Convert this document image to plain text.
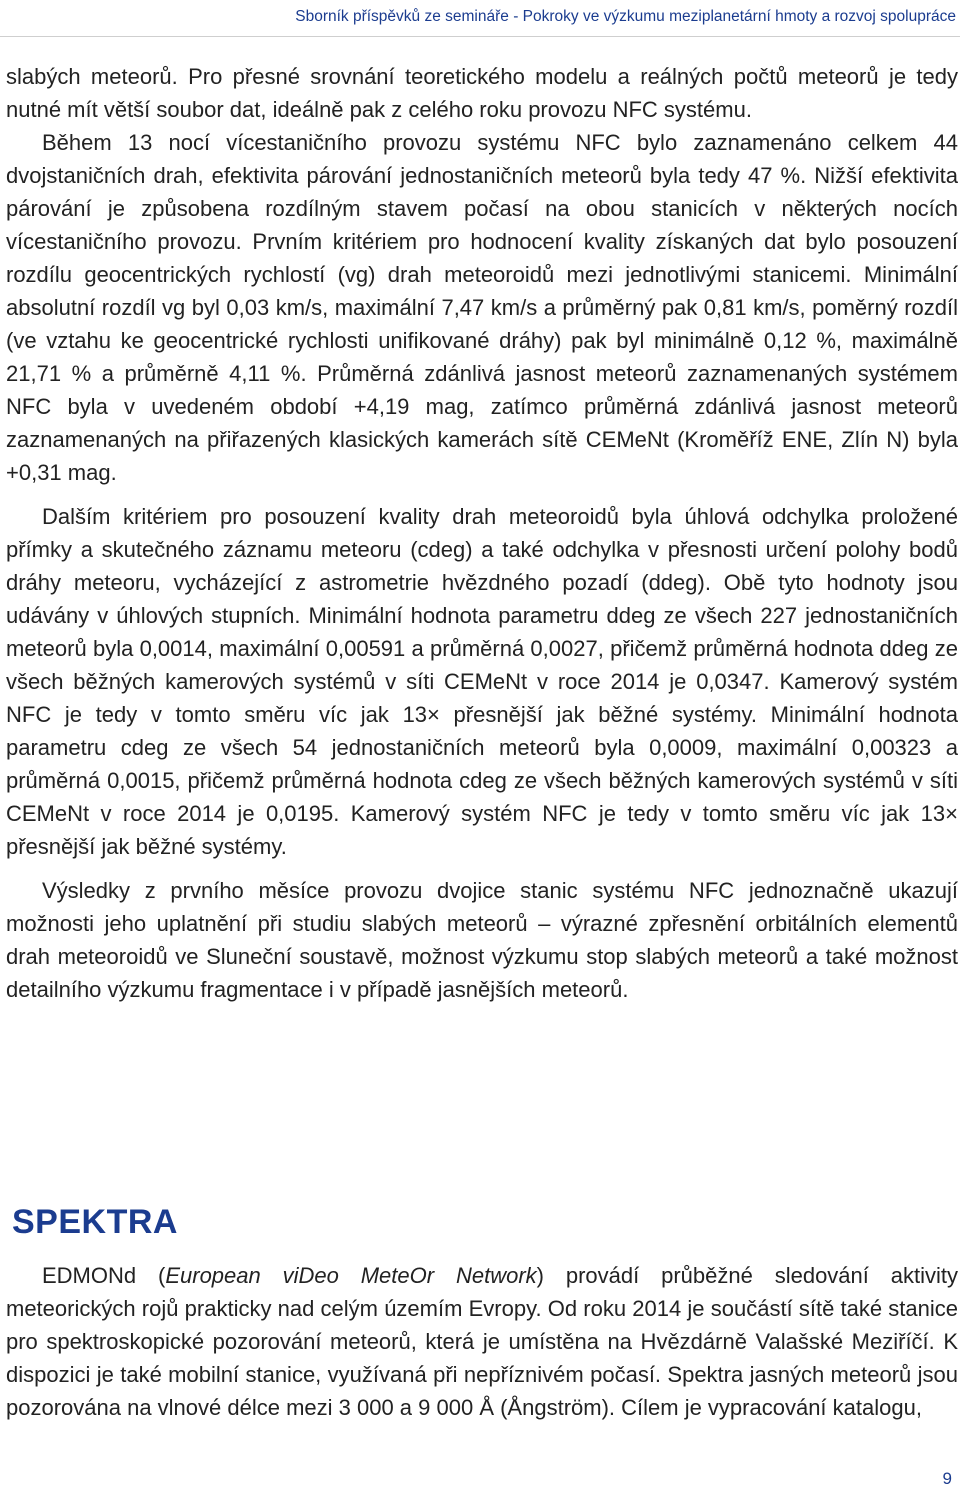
Sborník příspěvků ze semináře - Pokroky ve výzkumu meziplanetární hmoty a rozvoj spolupráce

slabých meteorů. Pro přesné srovnání teoretického modelu a reálných počtů meteorů je tedy nutné mít větší soubor dat, ideálně pak z celého roku provozu NFC systému.

Během 13 nocí vícestaničního provozu systému NFC bylo zaznamenáno celkem 44 dvojstaničních drah, efektivita párování jednostaničních meteorů byla tedy 47 %. Nižší efektivita párování je způsobena rozdílným stavem počasí na obou stanicích v některých nocích vícestaničního provozu. Prvním kritériem pro hodnocení kvality získaných dat bylo posouzení rozdílu geocentrických rychlostí (vg) drah meteoroidů mezi jednotlivými stanicemi. Minimální absolutní rozdíl vg byl 0,03 km/s, maximální 7,47 km/s a průměrný pak 0,81 km/s, poměrný rozdíl (ve vztahu ke geocentrické rychlosti unifikované dráhy) pak byl minimálně 0,12 %, maximálně 21,71 % a průměrně 4,11 %. Průměrná zdánlivá jasnost meteorů zaznamenaných systémem NFC byla v uvedeném období +4,19 mag, zatímco průměrná zdánlivá jasnost meteorů zaznamenaných na přiřazených klasických kamerách sítě CEMeNt (Kroměříž ENE, Zlín N) byla +0,31 mag.

Dalším kritériem pro posouzení kvality drah meteoroidů byla úhlová odchylka proložené přímky a skutečného záznamu meteoru (cdeg) a také odchylka v přesnosti určení polohy bodů dráhy meteoru, vycházející z astrometrie hvězdného pozadí (ddeg). Obě tyto hodnoty jsou udávány v úhlových stupních. Minimální hodnota parametru ddeg ze všech 227 jednostaničních meteorů byla 0,0014, maximální 0,00591 a průměrná 0,0027, přičemž průměrná hodnota ddeg ze všech běžných kamerových systémů v síti CEMeNt v roce 2014 je 0,0347. Kamerový systém NFC je tedy v tomto směru víc jak 13× přesnější jak běžné systémy. Minimální hodnota parametru cdeg ze všech 54 jednostaničních meteorů byla 0,0009, maximální 0,00323 a průměrná 0,0015, přičemž průměrná hodnota cdeg ze všech běžných kamerových systémů v síti CEMeNt v roce 2014 je 0,0195. Kamerový systém NFC je tedy v tomto směru víc jak 13× přesnější jak běžné systémy.

Výsledky z prvního měsíce provozu dvojice stanic systému NFC jednoznačně ukazují možnosti jeho uplatnění při studiu slabých meteorů – výrazné zpřesnění orbitálních elementů drah meteoroidů ve Sluneční soustavě, možnost výzkumu stop slabých meteorů a také možnost detailního výzkumu fragmentace i v případě jasnějších meteorů.

SPEKTRA

EDMONd (European viDeo MeteOr Network) provádí průběžné sledování aktivity meteorických rojů prakticky nad celým územím Evropy. Od roku 2014 je součástí sítě také stanice pro spektroskopické pozorování meteorů, která je umístěna na Hvězdárně Valašské Meziříčí. K dispozici je také mobilní stanice, využívaná při nepříznivém počasí. Spektra jasných meteorů jsou pozorována na vlnové délce mezi 3 000 a 9 000 Å (Ångström). Cílem je vypracování katalogu,

9
